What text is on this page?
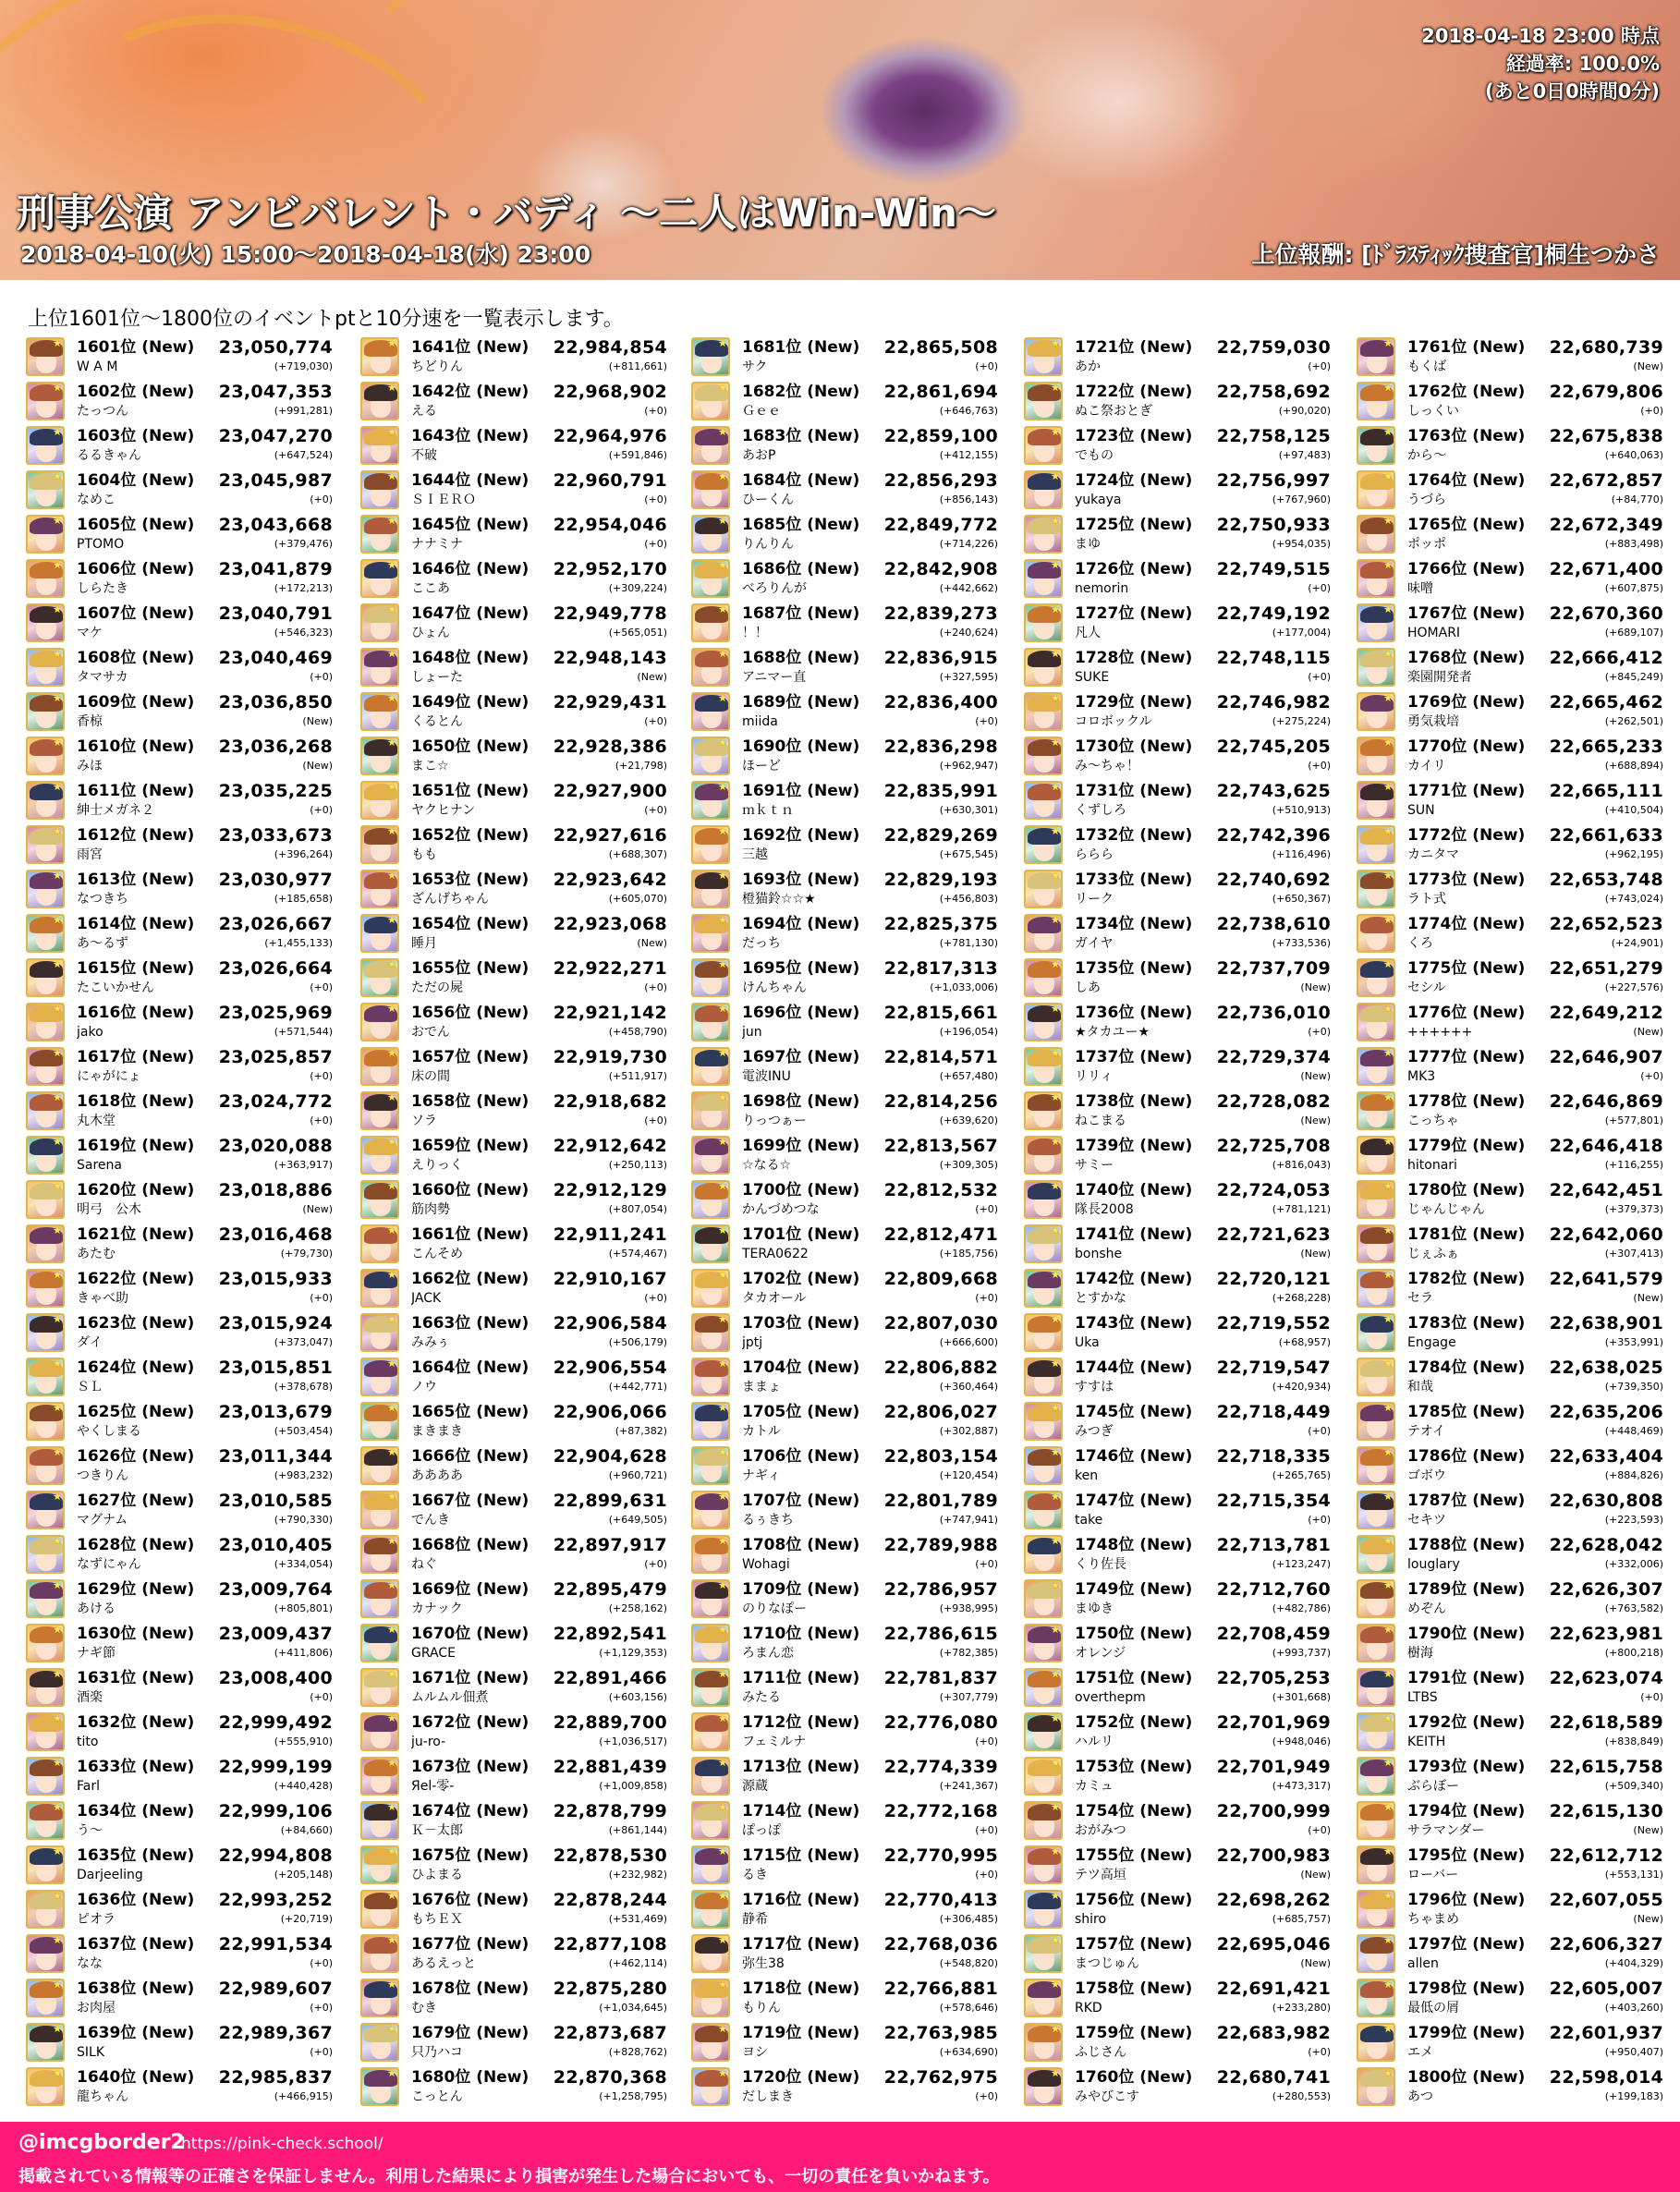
2018-04-18 23:00 時点
経過率: 100.0%
(あと0日0時間0分)
刑事公演 アンビバレント・バディ 〜二人はWin-Win〜
2018-04-10(火) 15:00〜2018-04-18(水) 23:00	上位報酬: [ﾄﾞﾗｽﾃｨｯｸ捜査官]桐生つかさ
上位1601位〜1800位のイベントptと10分速を一覧表示します。
★ 1601位 (New)
W A M
23,050,774
(+719,030)
★ 1602位 (New)
たっつん
23,047,353
(+991,281)
★ 1603位 (New)
るるきゃん
23,047,270
(+647,524)
★ 1604位 (New)
なめこ
23,045,987
(+0)
★ 1605位 (New)
PTOMO
23,043,668
(+379,476)
★ 1606位 (New)
しらたき
23,041,879
(+172,213)
★ 1607位 (New)
マケ
23,040,791
(+546,323)
★ 1608位 (New)
タマサカ
23,040,469
(+0)
★ 1609位 (New)
香椋
23,036,850
(New)
★ 1610位 (New)
みほ
23,036,268
(New)
★ 1611位 (New)
紳士メガネ２
23,035,225
(+0)
★ 1612位 (New)
雨宮
23,033,673
(+396,264)
★ 1613位 (New)
なつきち
23,030,977
(+185,658)
★ 1614位 (New)
あ～るず
23,026,667
(+1,455,133)
★ 1615位 (New)
たこいかせん
23,026,664
(+0)
★ 1616位 (New)
jako
23,025,969
(+571,544)
★ 1617位 (New)
にゃがにょ
23,025,857
(+0)
★ 1618位 (New)
丸木堂
23,024,772
(+0)
★ 1619位 (New)
Sarena
23,020,088
(+363,917)
★ 1620位 (New)
明弓　公木
23,018,886
(New)
★ 1621位 (New)
あたむ
23,016,468
(+79,730)
★ 1622位 (New)
きゃべ助
23,015,933
(+0)
★ 1623位 (New)
ダイ
23,015,924
(+373,047)
★ 1624位 (New)
ＳＬ
23,015,851
(+378,678)
★ 1625位 (New)
やくしまる
23,013,679
(+503,454)
★ 1626位 (New)
つきりん
23,011,344
(+983,232)
★ 1627位 (New)
マグナム
23,010,585
(+790,330)
★ 1628位 (New)
なずにゃん
23,010,405
(+334,054)
★ 1629位 (New)
あける
23,009,764
(+805,801)
★ 1630位 (New)
ナギ節
23,009,437
(+411,806)
★ 1631位 (New)
酒楽
23,008,400
(+0)
★ 1632位 (New)
tito
22,999,492
(+555,910)
★ 1633位 (New)
Farl
22,999,199
(+440,428)
★ 1634位 (New)
う～
22,999,106
(+84,660)
★ 1635位 (New)
Darjeeling
22,994,808
(+205,148)
★ 1636位 (New)
ピオラ
22,993,252
(+20,719)
★ 1637位 (New)
なな
22,991,534
(+0)
★ 1638位 (New)
お肉屋
22,989,607
(+0)
★ 1639位 (New)
SILK
22,989,367
(+0)
★ 1640位 (New)
龍ちゃん
22,985,837
(+466,915)
★ 1641位 (New)
ちどりん
22,984,854
(+811,661)
★ 1642位 (New)
える
22,968,902
(+0)
★ 1643位 (New)
不破
22,964,976
(+591,846)
★ 1644位 (New)
ＳＩＥＲＯ
22,960,791
(+0)
★ 1645位 (New)
ナナミナ
22,954,046
(+0)
★ 1646位 (New)
ここあ
22,952,170
(+309,224)
★ 1647位 (New)
ひょん
22,949,778
(+565,051)
★ 1648位 (New)
しょーた
22,948,143
(New)
★ 1649位 (New)
くるとん
22,929,431
(+0)
★ 1650位 (New)
まこ☆
22,928,386
(+21,798)
★ 1651位 (New)
ヤクヒナン
22,927,900
(+0)
★ 1652位 (New)
もも
22,927,616
(+688,307)
★ 1653位 (New)
ざんげちゃん
22,923,642
(+605,070)
★ 1654位 (New)
睡月
22,923,068
(New)
★ 1655位 (New)
ただの屍
22,922,271
(+0)
★ 1656位 (New)
おでん
22,921,142
(+458,790)
★ 1657位 (New)
床の間
22,919,730
(+511,917)
★ 1658位 (New)
ソラ
22,918,682
(+0)
★ 1659位 (New)
えりっく
22,912,642
(+250,113)
★ 1660位 (New)
筋肉勢
22,912,129
(+807,054)
★ 1661位 (New)
こんそめ
22,911,241
(+574,467)
★ 1662位 (New)
JACK
22,910,167
(+0)
★ 1663位 (New)
みみぅ
22,906,584
(+506,179)
★ 1664位 (New)
ノウ
22,906,554
(+442,771)
★ 1665位 (New)
まきまき
22,906,066
(+87,382)
★ 1666位 (New)
ああああ
22,904,628
(+960,721)
★ 1667位 (New)
でんき
22,899,631
(+649,505)
★ 1668位 (New)
ねぐ
22,897,917
(+0)
★ 1669位 (New)
カナック
22,895,479
(+258,162)
★ 1670位 (New)
GRACE
22,892,541
(+1,129,353)
★ 1671位 (New)
ムルムル佃煮
22,891,466
(+603,156)
★ 1672位 (New)
ju-ro-
22,889,700
(+1,036,517)
★ 1673位 (New)
Яel-零-
22,881,439
(+1,009,858)
★ 1674位 (New)
Ｋ－太郎
22,878,799
(+861,144)
★ 1675位 (New)
ひよまる
22,878,530
(+232,982)
★ 1676位 (New)
もちＥＸ
22,878,244
(+531,469)
★ 1677位 (New)
あるえっと
22,877,108
(+462,114)
★ 1678位 (New)
むき
22,875,280
(+1,034,645)
★ 1679位 (New)
只乃ハコ
22,873,687
(+828,762)
★ 1680位 (New)
こっとん
22,870,368
(+1,258,795)
★ 1681位 (New)
サク
22,865,508
(+0)
★ 1682位 (New)
Ｇｅｅ
22,861,694
(+646,763)
★ 1683位 (New)
あおP
22,859,100
(+412,155)
★ 1684位 (New)
ひーくん
22,856,293
(+856,143)
★ 1685位 (New)
りんりん
22,849,772
(+714,226)
★ 1686位 (New)
べろりんが
22,842,908
(+442,662)
★ 1687位 (New)
！！
22,839,273
(+240,624)
★ 1688位 (New)
アニマー直
22,836,915
(+327,595)
★ 1689位 (New)
miida
22,836,400
(+0)
★ 1690位 (New)
ほーど
22,836,298
(+962,947)
★ 1691位 (New)
ｍｋｔｎ
22,835,991
(+630,301)
★ 1692位 (New)
三越
22,829,269
(+675,545)
★ 1693位 (New)
橙猫鈴☆☆★
22,829,193
(+456,803)
★ 1694位 (New)
だっち
22,825,375
(+781,130)
★ 1695位 (New)
けんちゃん
22,817,313
(+1,033,006)
★ 1696位 (New)
jun
22,815,661
(+196,054)
★ 1697位 (New)
電波INU
22,814,571
(+657,480)
★ 1698位 (New)
りっつぁー
22,814,256
(+639,620)
★ 1699位 (New)
☆なる☆
22,813,567
(+309,305)
★ 1700位 (New)
かんづめつな
22,812,532
(+0)
★ 1701位 (New)
TERA0622
22,812,471
(+185,756)
★ 1702位 (New)
タカオール
22,809,668
(+0)
★ 1703位 (New)
jptj
22,807,030
(+666,600)
★ 1704位 (New)
ままょ
22,806,882
(+360,464)
★ 1705位 (New)
カトル
22,806,027
(+302,887)
★ 1706位 (New)
ナギィ
22,803,154
(+120,454)
★ 1707位 (New)
るぅきち
22,801,789
(+747,941)
★ 1708位 (New)
Wohagi
22,789,988
(+0)
★ 1709位 (New)
のりなぽー
22,786,957
(+938,995)
★ 1710位 (New)
ろまん恋
22,786,615
(+782,385)
★ 1711位 (New)
みたる
22,781,837
(+307,779)
★ 1712位 (New)
フェミルナ
22,776,080
(+0)
★ 1713位 (New)
源蔵
22,774,339
(+241,367)
★ 1714位 (New)
ぽっぽ
22,772,168
(+0)
★ 1715位 (New)
るき
22,770,995
(+0)
★ 1716位 (New)
静希
22,770,413
(+306,485)
★ 1717位 (New)
弥生38
22,768,036
(+548,820)
★ 1718位 (New)
もりん
22,766,881
(+578,646)
★ 1719位 (New)
ヨシ
22,763,985
(+634,690)
★ 1720位 (New)
だしまき
22,762,975
(+0)
★ 1721位 (New)
あか
22,759,030
(+0)
★ 1722位 (New)
ぬこ祭おとぎ
22,758,692
(+90,020)
★ 1723位 (New)
でもの
22,758,125
(+97,483)
★ 1724位 (New)
yukaya
22,756,997
(+767,960)
★ 1725位 (New)
まゆ
22,750,933
(+954,035)
★ 1726位 (New)
nemorin
22,749,515
(+0)
★ 1727位 (New)
凡人
22,749,192
(+177,004)
★ 1728位 (New)
SUKE
22,748,115
(+0)
★ 1729位 (New)
コロボックル
22,746,982
(+275,224)
★ 1730位 (New)
み～ちゃ！
22,745,205
(+0)
★ 1731位 (New)
くずしろ
22,743,625
(+510,913)
★ 1732位 (New)
ららら
22,742,396
(+116,496)
★ 1733位 (New)
リーク
22,740,692
(+650,367)
★ 1734位 (New)
ガイヤ
22,738,610
(+733,536)
★ 1735位 (New)
しあ
22,737,709
(New)
★ 1736位 (New)
★タカユー★
22,736,010
(+0)
★ 1737位 (New)
リリィ
22,729,374
(New)
★ 1738位 (New)
ねこまる
22,728,082
(New)
★ 1739位 (New)
サミー
22,725,708
(+816,043)
★ 1740位 (New)
隊長2008
22,724,053
(+781,121)
★ 1741位 (New)
bonshe
22,721,623
(New)
★ 1742位 (New)
とすかな
22,720,121
(+268,228)
★ 1743位 (New)
Uka
22,719,552
(+68,957)
★ 1744位 (New)
すすは
22,719,547
(+420,934)
★ 1745位 (New)
みつぎ
22,718,449
(+0)
★ 1746位 (New)
ken
22,718,335
(+265,765)
★ 1747位 (New)
take
22,715,354
(+0)
★ 1748位 (New)
くり佐長
22,713,781
(+123,247)
★ 1749位 (New)
まゆき
22,712,760
(+482,786)
★ 1750位 (New)
オレンジ
22,708,459
(+993,737)
★ 1751位 (New)
overthepm
22,705,253
(+301,668)
★ 1752位 (New)
ハルリ
22,701,969
(+948,046)
★ 1753位 (New)
カミュ
22,701,949
(+473,317)
★ 1754位 (New)
おがみつ
22,700,999
(+0)
★ 1755位 (New)
テツ高垣
22,700,983
(New)
★ 1756位 (New)
shiro
22,698,262
(+685,757)
★ 1757位 (New)
まつじゅん
22,695,046
(New)
★ 1758位 (New)
RKD
22,691,421
(+233,280)
★ 1759位 (New)
ふじさん
22,683,982
(+0)
★ 1760位 (New)
みやびこす
22,680,741
(+280,553)
★ 1761位 (New)
もくば
22,680,739
(New)
★ 1762位 (New)
しっくい
22,679,806
(+0)
★ 1763位 (New)
から～
22,675,838
(+640,063)
★ 1764位 (New)
うづら
22,672,857
(+84,770)
★ 1765位 (New)
ポッポ
22,672,349
(+883,498)
★ 1766位 (New)
味噌
22,671,400
(+607,875)
★ 1767位 (New)
HOMARI
22,670,360
(+689,107)
★ 1768位 (New)
楽園開発者
22,666,412
(+845,249)
★ 1769位 (New)
勇気栽培
22,665,462
(+262,501)
★ 1770位 (New)
カイリ
22,665,233
(+688,894)
★ 1771位 (New)
SUN
22,665,111
(+410,504)
★ 1772位 (New)
カニタマ
22,661,633
(+962,195)
★ 1773位 (New)
ラト式
22,653,748
(+743,024)
★ 1774位 (New)
くろ
22,652,523
(+24,901)
★ 1775位 (New)
セシル
22,651,279
(+227,576)
★ 1776位 (New)
++++++
22,649,212
(New)
★ 1777位 (New)
MK3
22,646,907
(+0)
★ 1778位 (New)
こっちゃ
22,646,869
(+577,801)
★ 1779位 (New)
hitonari
22,646,418
(+116,255)
★ 1780位 (New)
じゃんじゃん
22,642,451
(+379,373)
★ 1781位 (New)
じぇふぁ
22,642,060
(+307,413)
★ 1782位 (New)
セラ
22,641,579
(New)
★ 1783位 (New)
Engage
22,638,901
(+353,991)
★ 1784位 (New)
和哉
22,638,025
(+739,350)
★ 1785位 (New)
テオイ
22,635,206
(+448,469)
★ 1786位 (New)
ゴボウ
22,633,404
(+884,826)
★ 1787位 (New)
セキツ
22,630,808
(+223,593)
★ 1788位 (New)
louglary
22,628,042
(+332,006)
★ 1789位 (New)
めぞん
22,626,307
(+763,582)
★ 1790位 (New)
樹海
22,623,981
(+800,218)
★ 1791位 (New)
LTBS
22,623,074
(+0)
★ 1792位 (New)
KEITH
22,618,589
(+838,849)
★ 1793位 (New)
ぶらぼー
22,615,758
(+509,340)
★ 1794位 (New)
サラマンダー
22,615,130
(New)
★ 1795位 (New)
ローバー
22,612,712
(+553,131)
★ 1796位 (New)
ちゃまめ
22,607,055
(New)
★ 1797位 (New)
allen
22,606,327
(+404,329)
★ 1798位 (New)
最低の屑
22,605,007
(+403,260)
★ 1799位 (New)
エメ
22,601,937
(+950,407)
★ 1800位 (New)
あつ
22,598,014
(+199,183)
@imcgborder2
https://pink-check.school/
掲載されている情報等の正確さを保証しません。利用した結果により損害が発生した場合においても、一切の責任を負いかねます。
